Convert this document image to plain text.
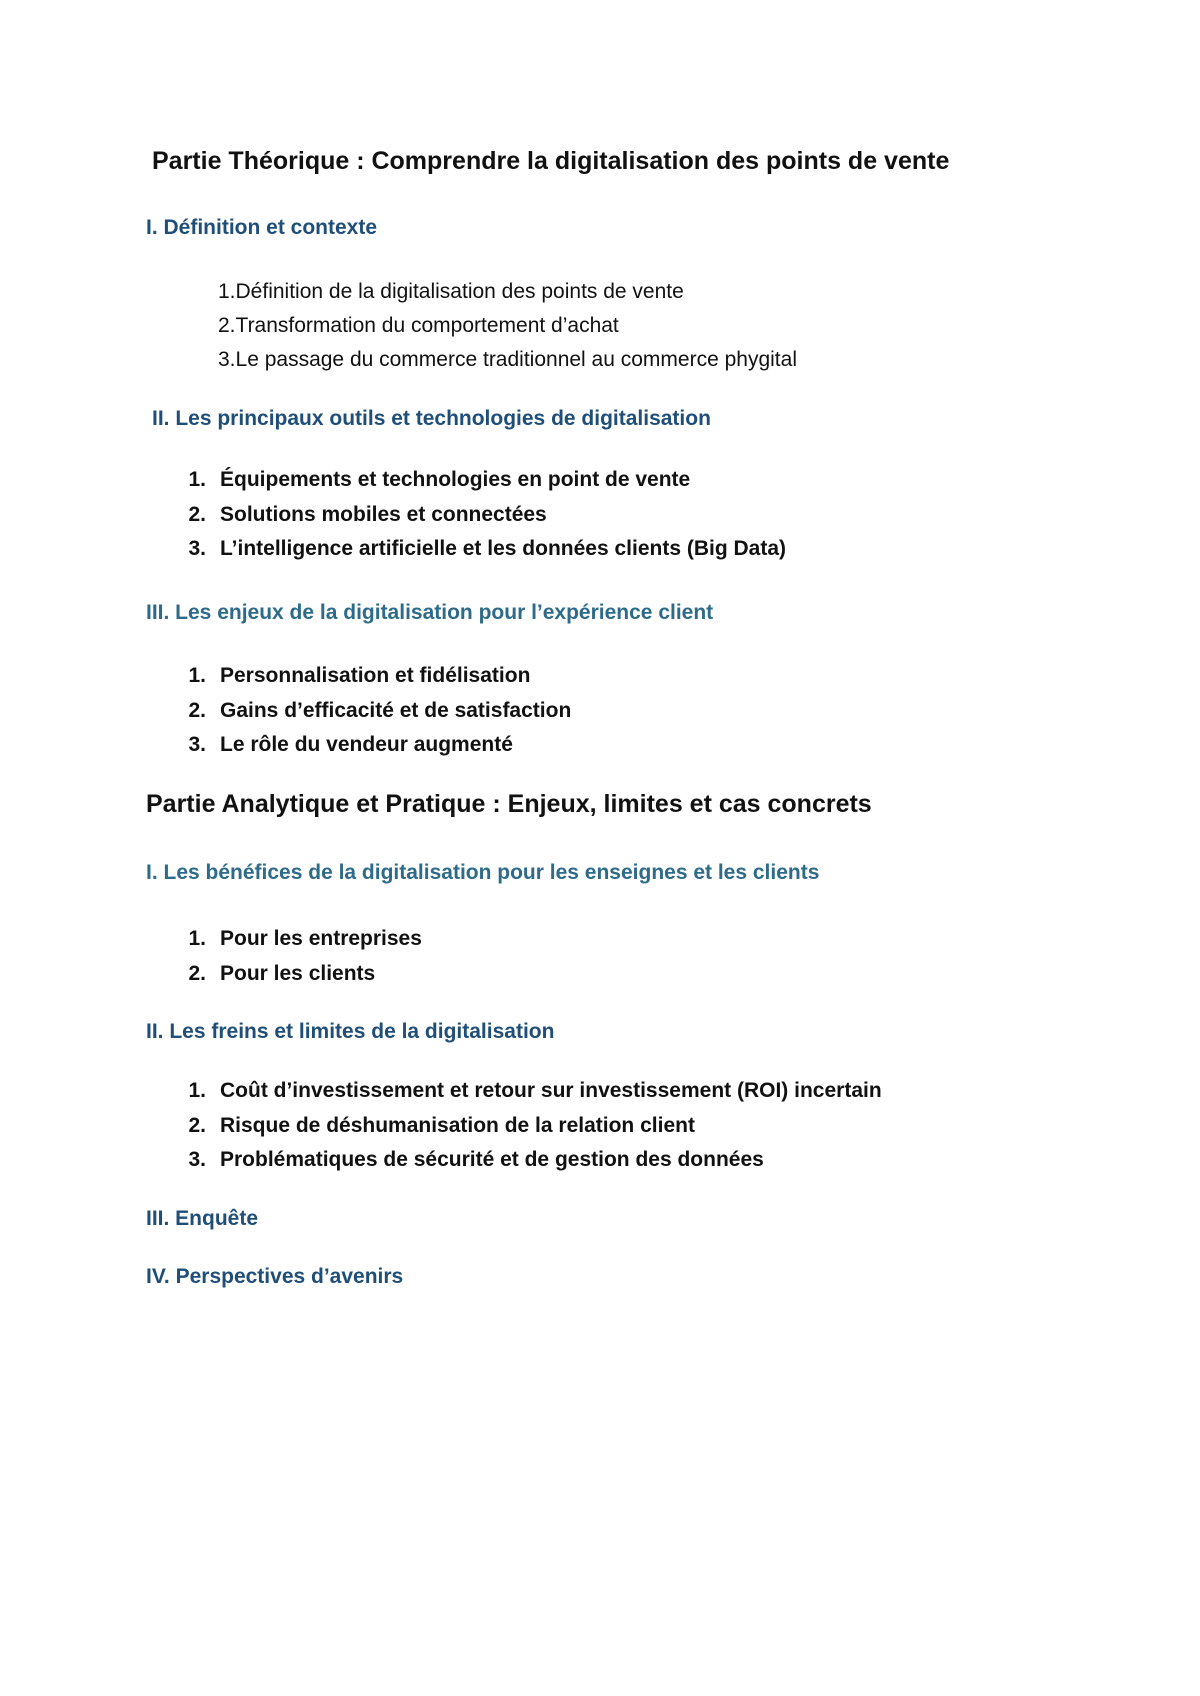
Partie Théorique : Comprendre la digitalisation des points de vente
I. Définition et contexte
1.Définition de la digitalisation des points de vente
2.Transformation du comportement d’achat
3.Le passage du commerce traditionnel au commerce phygital
II. Les principaux outils et technologies de digitalisation
1. Équipements et technologies en point de vente
2. Solutions mobiles et connectées
3. L’intelligence artificielle et les données clients (Big Data)
III. Les enjeux de la digitalisation pour l’expérience client
1. Personnalisation et fidélisation
2. Gains d’efficacité et de satisfaction
3. Le rôle du vendeur augmenté
Partie Analytique et Pratique : Enjeux, limites et cas concrets
I. Les bénéfices de la digitalisation pour les enseignes et les clients
1. Pour les entreprises
2. Pour les clients
II. Les freins et limites de la digitalisation
1. Coût d’investissement et retour sur investissement (ROI) incertain
2. Risque de déshumanisation de la relation client
3. Problématiques de sécurité et de gestion des données
III. Enquête
IV. Perspectives d’avenirs
